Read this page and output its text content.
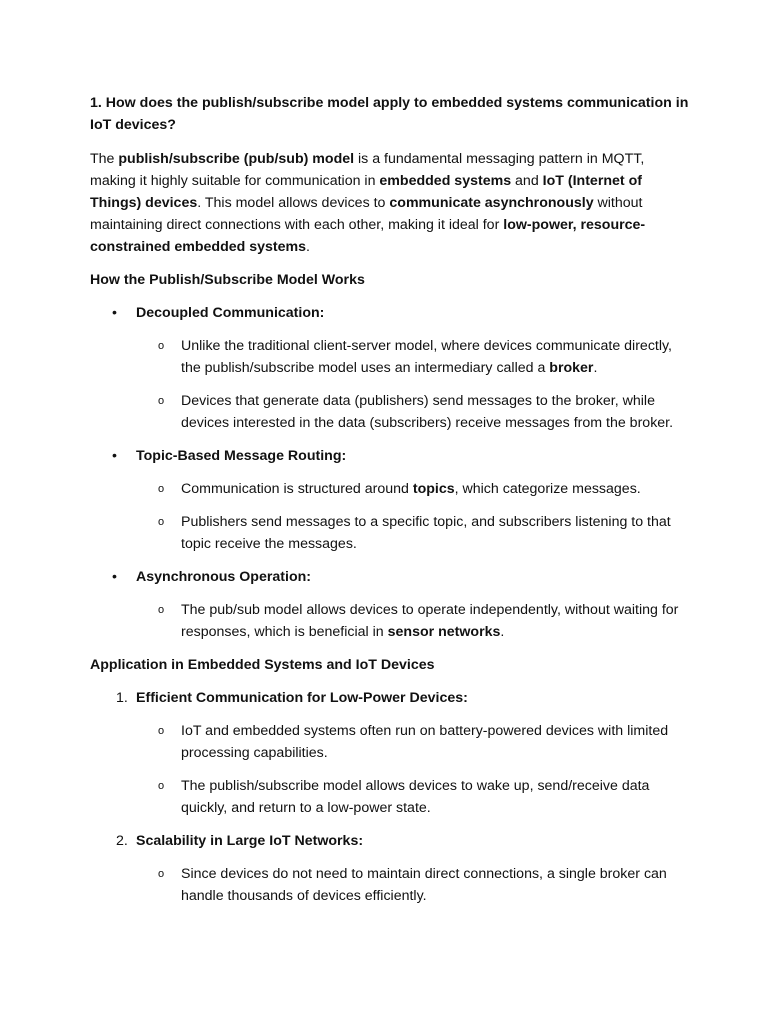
1. How does the publish/subscribe model apply to embedded systems communication in IoT devices?

The publish/subscribe (pub/sub) model is a fundamental messaging pattern in MQTT, making it highly suitable for communication in embedded systems and IoT (Internet of Things) devices. This model allows devices to communicate asynchronously without maintaining direct connections with each other, making it ideal for low-power, resource-constrained embedded systems.

How the Publish/Subscribe Model Works

• Decoupled Communication:
o Unlike the traditional client-server model, where devices communicate directly, the publish/subscribe model uses an intermediary called a broker.
o Devices that generate data (publishers) send messages to the broker, while devices interested in the data (subscribers) receive messages from the broker.
• Topic-Based Message Routing:
o Communication is structured around topics, which categorize messages.
o Publishers send messages to a specific topic, and subscribers listening to that topic receive the messages.
• Asynchronous Operation:
o The pub/sub model allows devices to operate independently, without waiting for responses, which is beneficial in sensor networks.

Application in Embedded Systems and IoT Devices

1. Efficient Communication for Low-Power Devices:
o IoT and embedded systems often run on battery-powered devices with limited processing capabilities.
o The publish/subscribe model allows devices to wake up, send/receive data quickly, and return to a low-power state.
2. Scalability in Large IoT Networks:
o Since devices do not need to maintain direct connections, a single broker can handle thousands of devices efficiently.
